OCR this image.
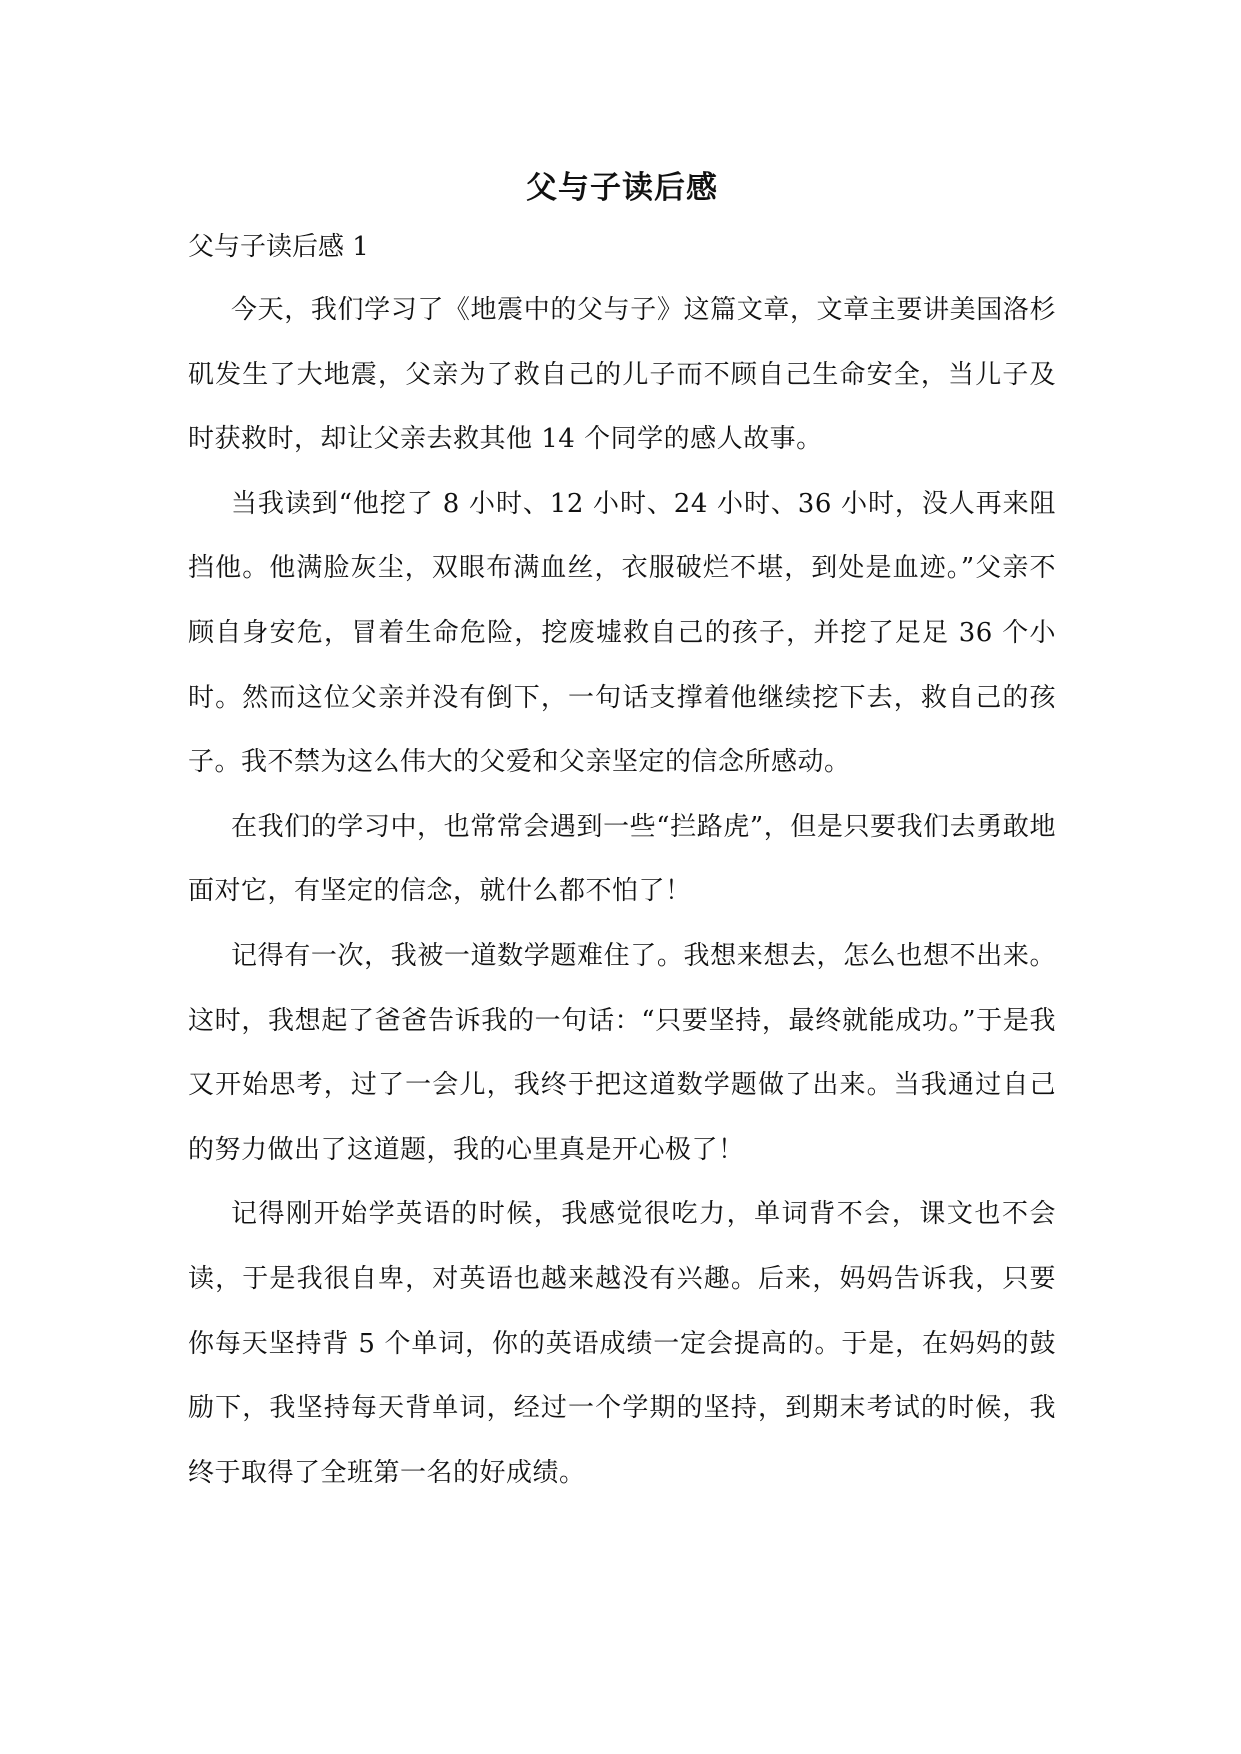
父与子读后感

父与子读后感 1

今天，我们学习了《地震中的父与子》这篇文章，文章主要讲美国洛杉矶发生了大地震，父亲为了救自己的儿子而不顾自己生命安全，当儿子及时获救时，却让父亲去救其他 14 个同学的感人故事。

当我读到“他挖了 8 小时、12 小时、24 小时、36 小时，没人再来阻挡他。他满脸灰尘，双眼布满血丝，衣服破烂不堪，到处是血迹。”父亲不顾自身安危，冒着生命危险，挖废墟救自己的孩子，并挖了足足 36 个小时。然而这位父亲并没有倒下，一句话支撑着他继续挖下去，救自己的孩子。我不禁为这么伟大的父爱和父亲坚定的信念所感动。

在我们的学习中，也常常会遇到一些“拦路虎”，但是只要我们去勇敢地面对它，有坚定的信念，就什么都不怕了！

记得有一次，我被一道数学题难住了。我想来想去，怎么也想不出来。这时，我想起了爸爸告诉我的一句话：“只要坚持，最终就能成功。”于是我又开始思考，过了一会儿，我终于把这道数学题做了出来。当我通过自己的努力做出了这道题，我的心里真是开心极了！

记得刚开始学英语的时候，我感觉很吃力，单词背不会，课文也不会读，于是我很自卑，对英语也越来越没有兴趣。后来，妈妈告诉我，只要你每天坚持背 5 个单词，你的英语成绩一定会提高的。于是，在妈妈的鼓励下，我坚持每天背单词，经过一个学期的坚持，到期末考试的时候，我终于取得了全班第一名的好成绩。
